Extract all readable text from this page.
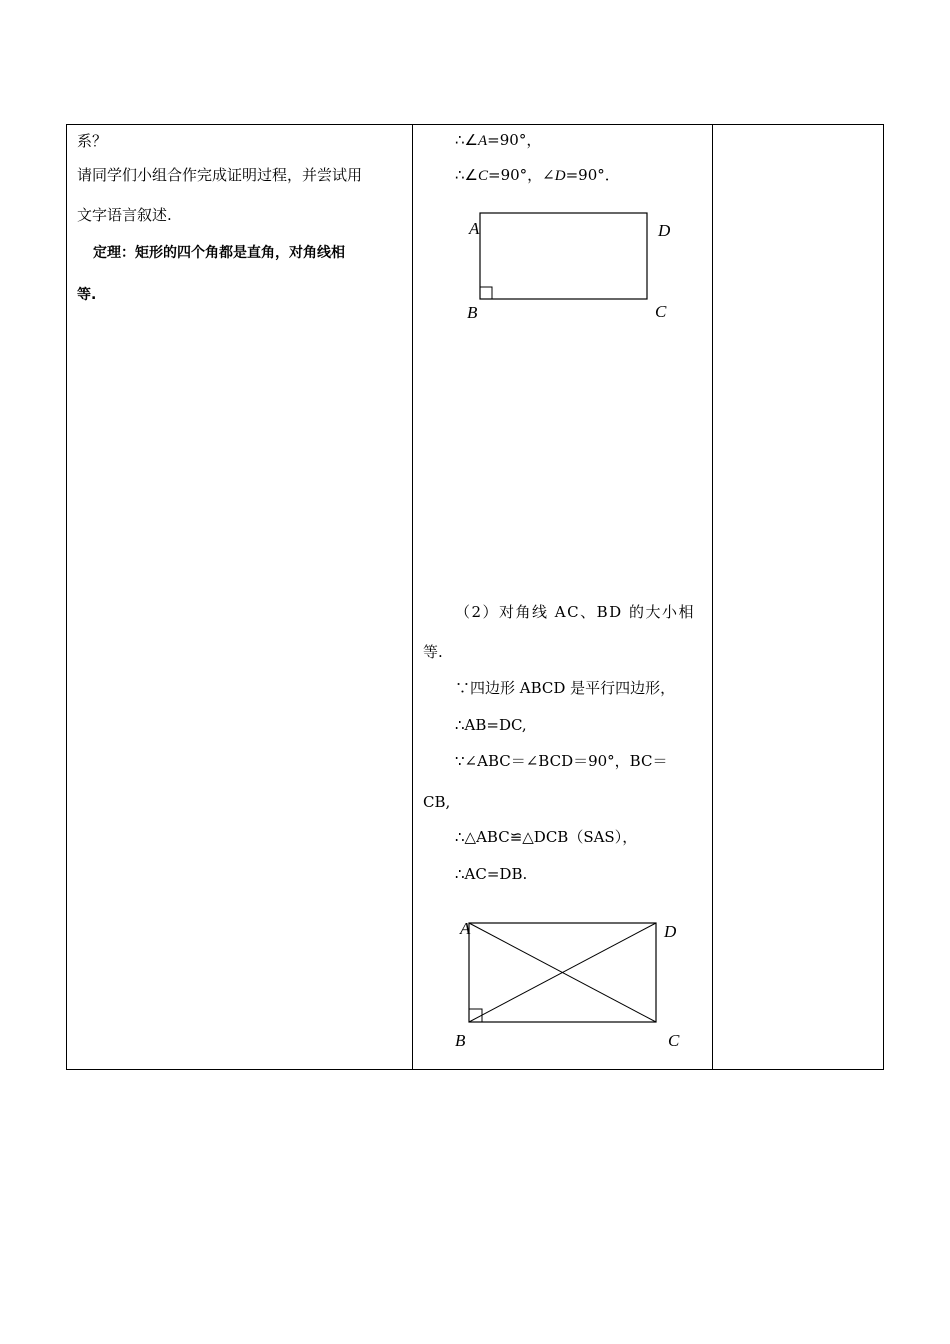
系？
请同学们小组合作完成证明过程，并尝试用
文字语言叙述.
定理：矩形的四个角都是直角，对角线相
等.
∴∠A=90°，
∴∠C=90°，∠D=90°．
A	D
B	C
（2）对角线 AC、BD 的大小相
等.
∵四边形 ABCD 是平行四边形，
∴AB=DC,
∵∠ABC＝∠BCD＝90°，BC＝
CB,
∴△ABC≌△DCB（SAS），
∴AC=DB.
A	D
B	C
